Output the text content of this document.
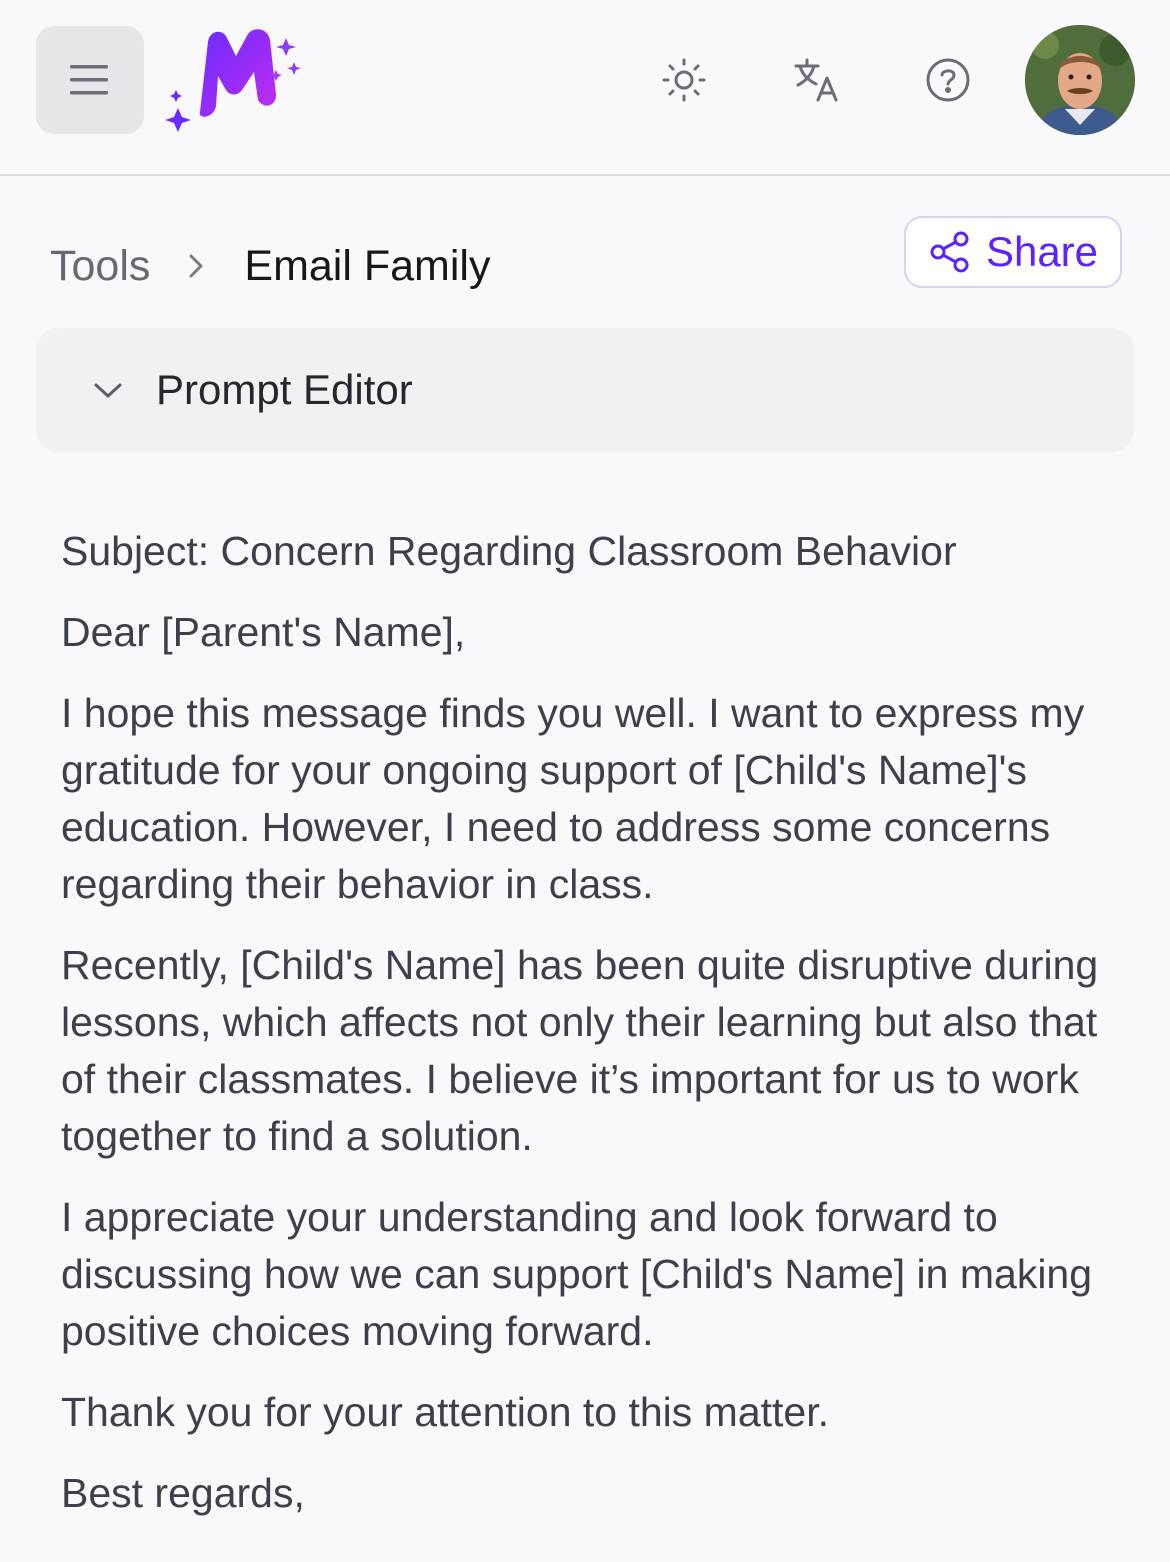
Tools Email Family	Share
Prompt Editor

Subject: Concern Regarding Classroom Behavior

Dear [Parent's Name],

I hope this message finds you well. I want to express my gratitude for your ongoing support of [Child's Name]'s education. However, I need to address some concerns regarding their behavior in class.

Recently, [Child's Name] has been quite disruptive during lessons, which affects not only their learning but also that of their classmates. I believe it’s important for us to work together to find a solution.

I appreciate your understanding and look forward to discussing how we can support [Child's Name] in making positive choices moving forward.

Thank you for your attention to this matter.

Best regards,
